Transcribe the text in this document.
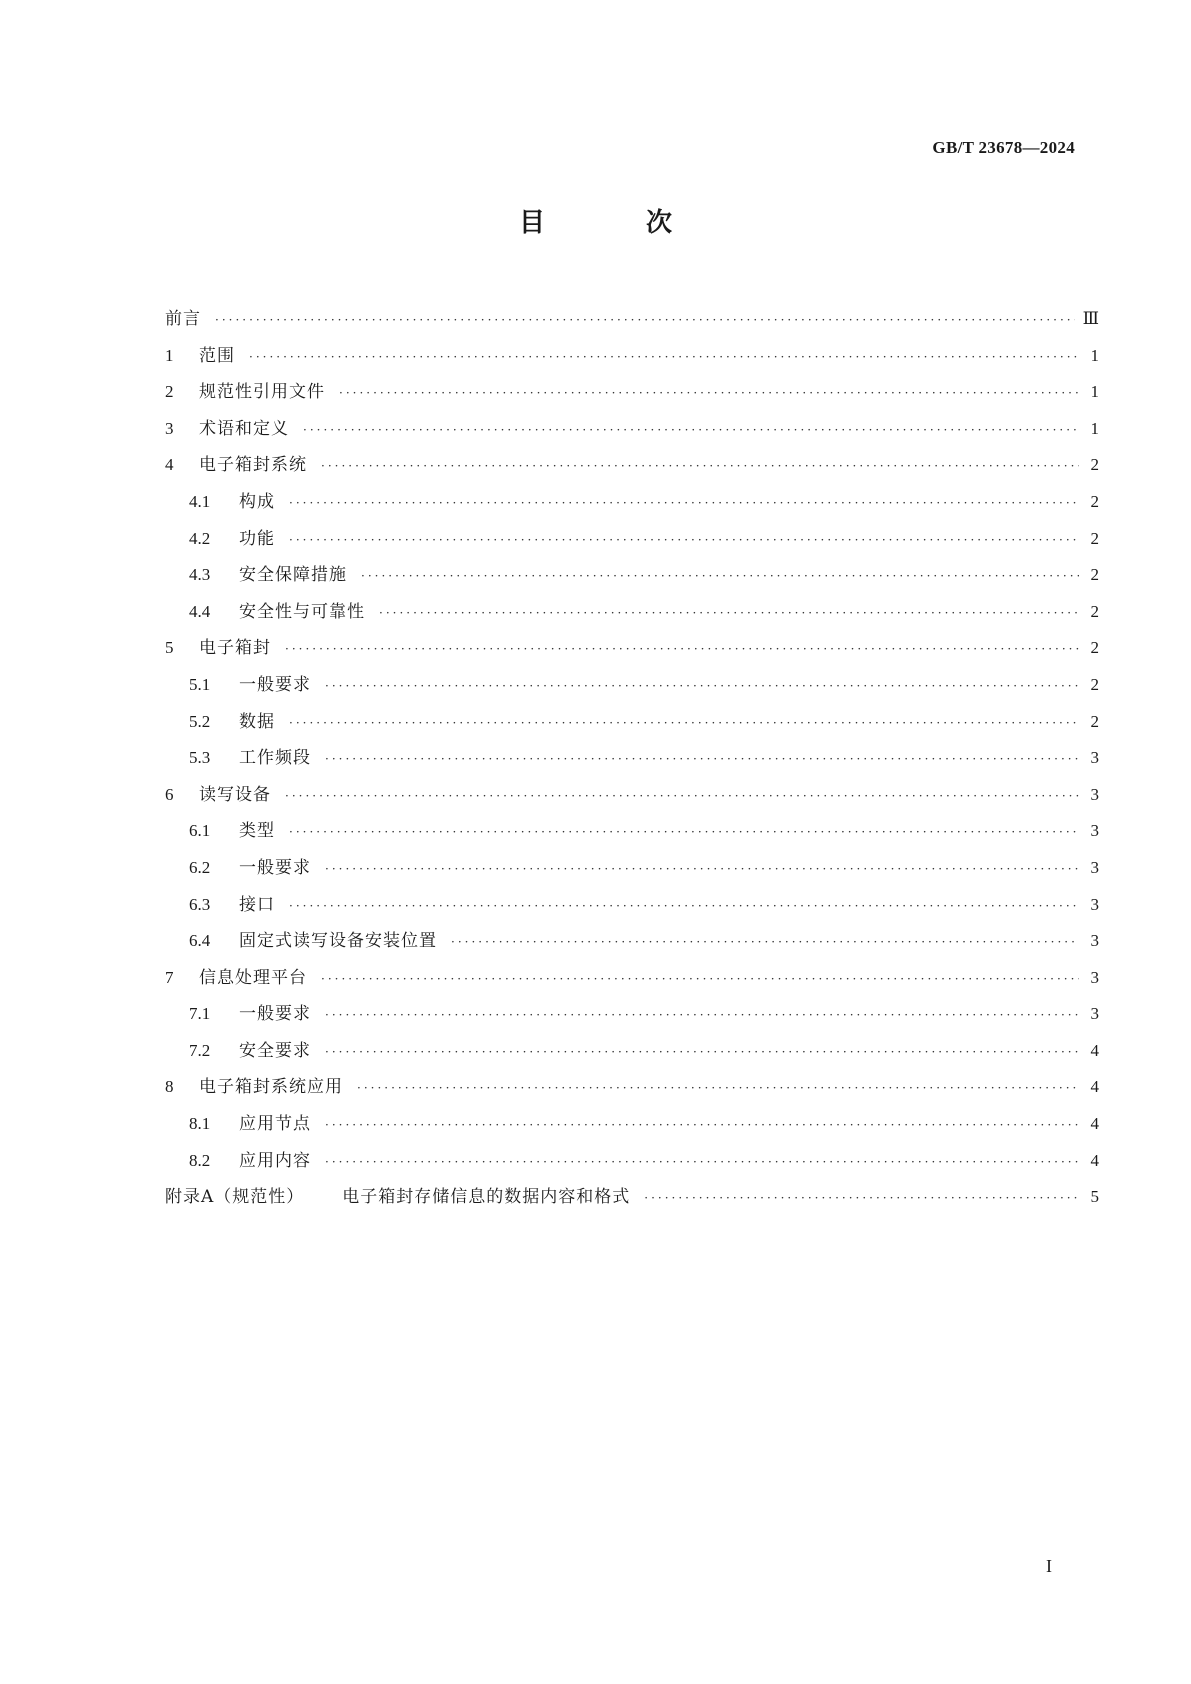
GB/T 23678—2024
目 次
前言 ·····	Ⅲ
1	范围 ·····	1
2	规范性引用文件 ·····	1
3	术语和定义 ·····	1
4	电子箱封系统 ·····	2
4.1	构成 ·····	2
4.2	功能 ·····	2
4.3	安全保障措施 ·····	2
4.4	安全性与可靠性 ·····	2
5	电子箱封 ·····	2
5.1	一般要求 ·····	2
5.2	数据 ·····	2
5.3	工作频段 ·····	3
6	读写设备 ·····	3
6.1	类型 ·····	3
6.2	一般要求 ·····	3
6.3	接口 ·····	3
6.4	固定式读写设备安装位置 ·····	3
7	信息处理平台 ·····	3
7.1	一般要求 ·····	3
7.2	安全要求 ·····	4
8	电子箱封系统应用 ·····	4
8.1	应用节点 ·····	4
8.2	应用内容 ·····	4
附录A（规范性） 电子箱封存储信息的数据内容和格式 ·····	5
I
